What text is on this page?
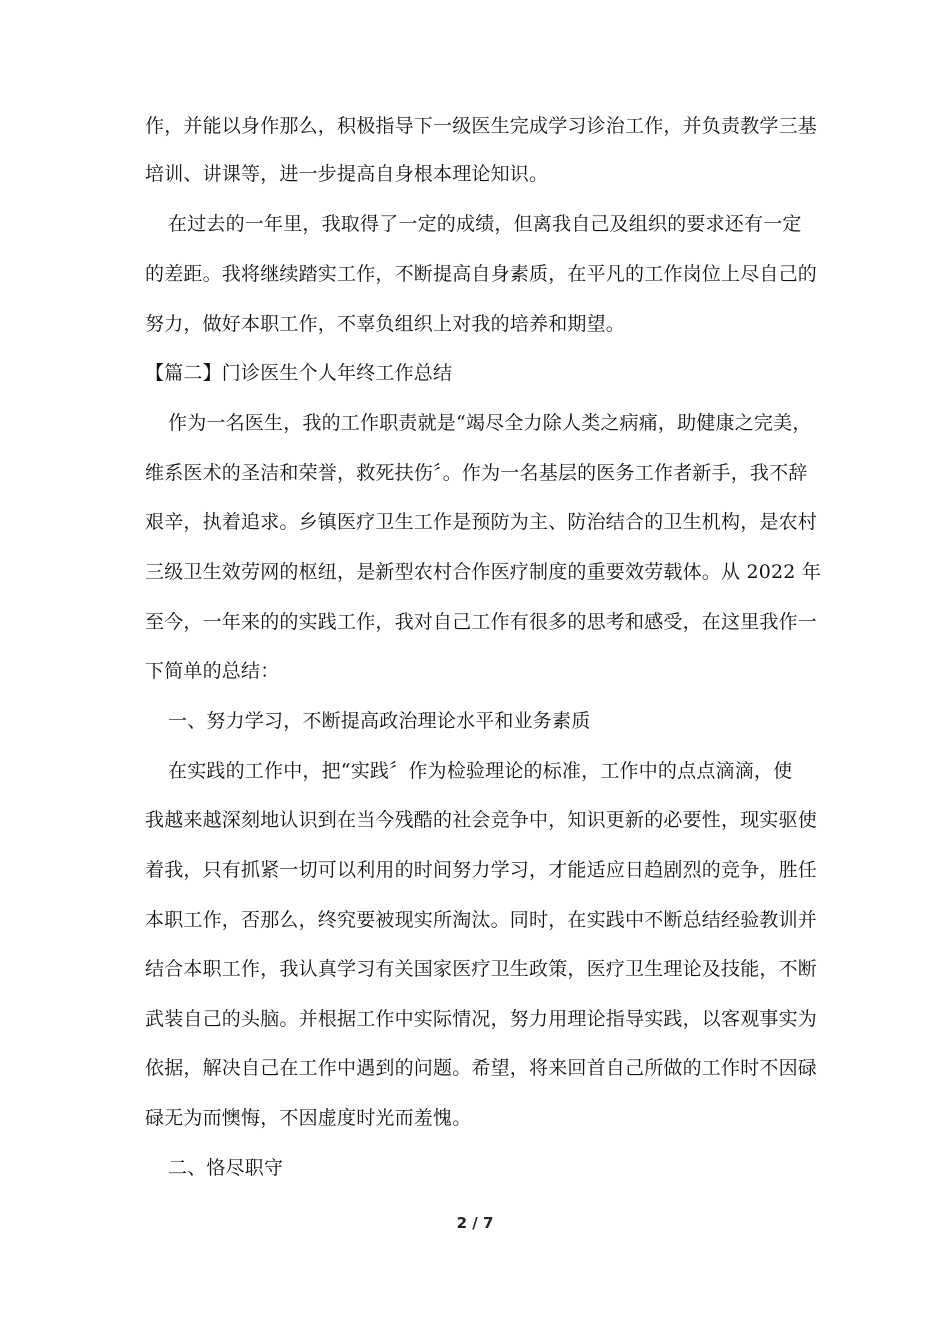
作，并能以身作那么，积极指导下一级医生完成学习诊治工作，并负责教学三基
培训、讲课等，进一步提高自身根本理论知识。
在过去的一年里，我取得了一定的成绩，但离我自己及组织的要求还有一定
的差距。我将继续踏实工作，不断提高自身素质，在平凡的工作岗位上尽自己的
努力，做好本职工作，不辜负组织上对我的培养和期望。
【篇二】门诊医生个人年终工作总结
作为一名医生，我的工作职责就是“竭尽全力除人类之病痛，助健康之完美，
维系医术的圣洁和荣誉，救死扶伤〞。作为一名基层的医务工作者新手，我不辞
艰辛，执着追求。乡镇医疗卫生工作是预防为主、防治结合的卫生机构，是农村
三级卫生效劳网的枢纽，是新型农村合作医疗制度的重要效劳载体。从 2022 年
至今，一年来的的实践工作，我对自己工作有很多的思考和感受，在这里我作一
下简单的总结：
一、努力学习，不断提高政治理论水平和业务素质
在实践的工作中，把“实践〞作为检验理论的标准，工作中的点点滴滴，使
我越来越深刻地认识到在当今残酷的社会竞争中，知识更新的必要性，现实驱使
着我，只有抓紧一切可以利用的时间努力学习，才能适应日趋剧烈的竞争，胜任
本职工作，否那么，终究要被现实所淘汰。同时，在实践中不断总结经验教训并
结合本职工作，我认真学习有关国家医疗卫生政策，医疗卫生理论及技能，不断
武装自己的头脑。并根据工作中实际情况，努力用理论指导实践，以客观事实为
依据，解决自己在工作中遇到的问题。希望，将来回首自己所做的工作时不因碌
碌无为而懊悔，不因虚度时光而羞愧。
二、恪尽职守
2 / 7
